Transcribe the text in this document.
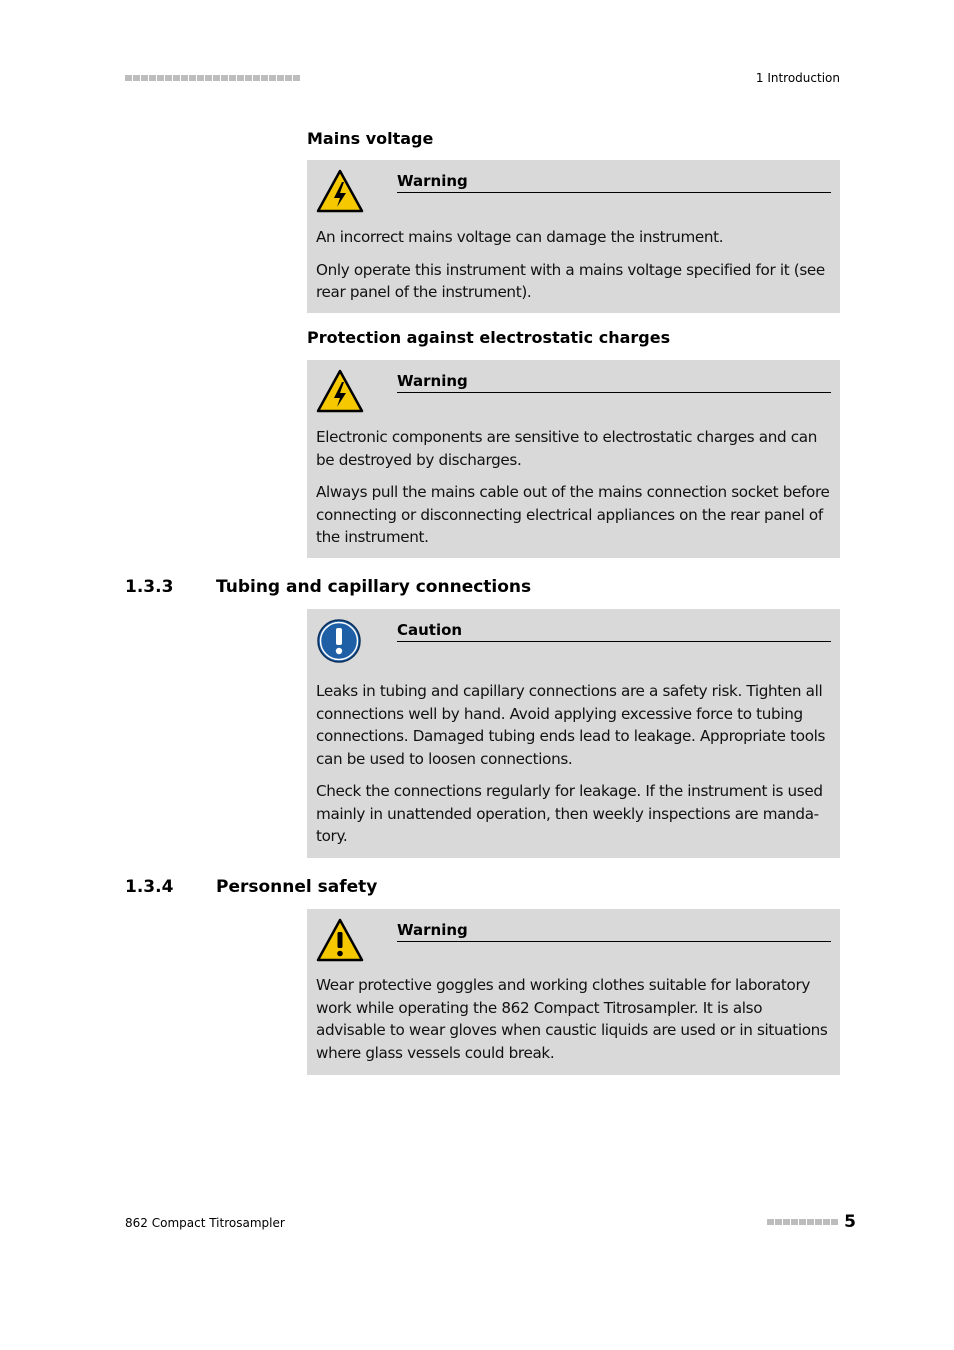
1 Introduction
Mains voltage
Warning

An incorrect mains voltage can damage the instrument.

Only operate this instrument with a mains voltage specified for it (see rear panel of the instrument).

Protection against electrostatic charges
Warning

Electronic components are sensitive to electrostatic charges and can be destroyed by discharges.

Always pull the mains cable out of the mains connection socket before connecting or disconnecting electrical appliances on the rear panel of the instrument.

1.3.3	Tubing and capillary connections
Caution

Leaks in tubing and capillary connections are a safety risk. Tighten all connections well by hand. Avoid applying excessive force to tubing connections. Damaged tubing ends lead to leakage. Appropriate tools can be used to loosen connections.

Check the connections regularly for leakage. If the instrument is used mainly in unattended operation, then weekly inspections are manda-tory.

1.3.4	Personnel safety
Warning

Wear protective goggles and working clothes suitable for laboratory work while operating the 862 Compact Titrosampler. It is also advisable to wear gloves when caustic liquids are used or in situations where glass vessels could break.

862 Compact Titrosampler	5
